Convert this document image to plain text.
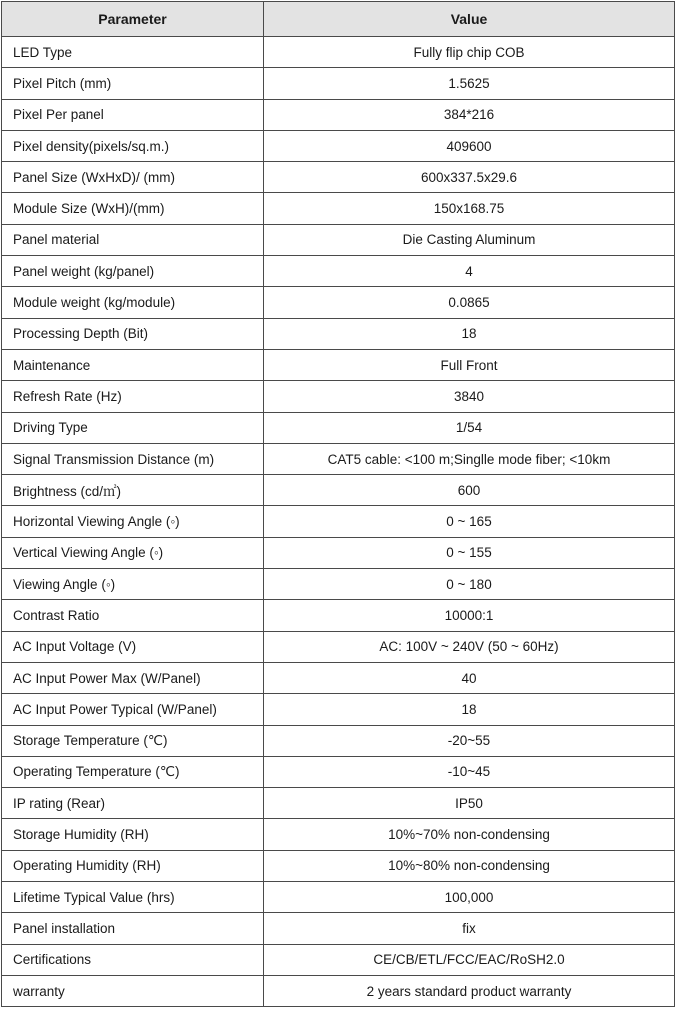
Parameter	Value
LED Type	Fully flip chip COB
Pixel Pitch (mm)	1.5625
Pixel Per panel	384*216
Pixel density(pixels/sq.m.)	409600
Panel Size (WxHxD)/ (mm)	600x337.5x29.6
Module Size (WxH)/(mm)	150x168.75
Panel material	Die Casting Aluminum
Panel weight (kg/panel)	4
Module weight (kg/module)	0.0865
Processing Depth (Bit)	18
Maintenance	Full Front
Refresh Rate (Hz)	3840
Driving Type	1/54
Signal Transmission Distance (m)	CAT5 cable: <100 m;Singlle mode fiber; <10km
Brightness (cd/㎡)	600
Horizontal Viewing Angle (◦)	0 ~ 165
Vertical Viewing Angle (◦)	0 ~ 155
Viewing Angle (◦)	0 ~ 180
Contrast Ratio	10000:1
AC Input Voltage (V)	AC: 100V ~ 240V (50 ~ 60Hz)
AC Input Power Max (W/Panel)	40
AC Input Power Typical (W/Panel)	18
Storage Temperature (℃)	-20~55
Operating Temperature (℃)	-10~45
IP rating (Rear)	IP50
Storage Humidity (RH)	10%~70% non-condensing
Operating Humidity (RH)	10%~80% non-condensing
Lifetime Typical Value (hrs)	100,000
Panel installation	fix
Certifications	CE/CB/ETL/FCC/EAC/RoSH2.0
warranty	2 years standard product warranty
